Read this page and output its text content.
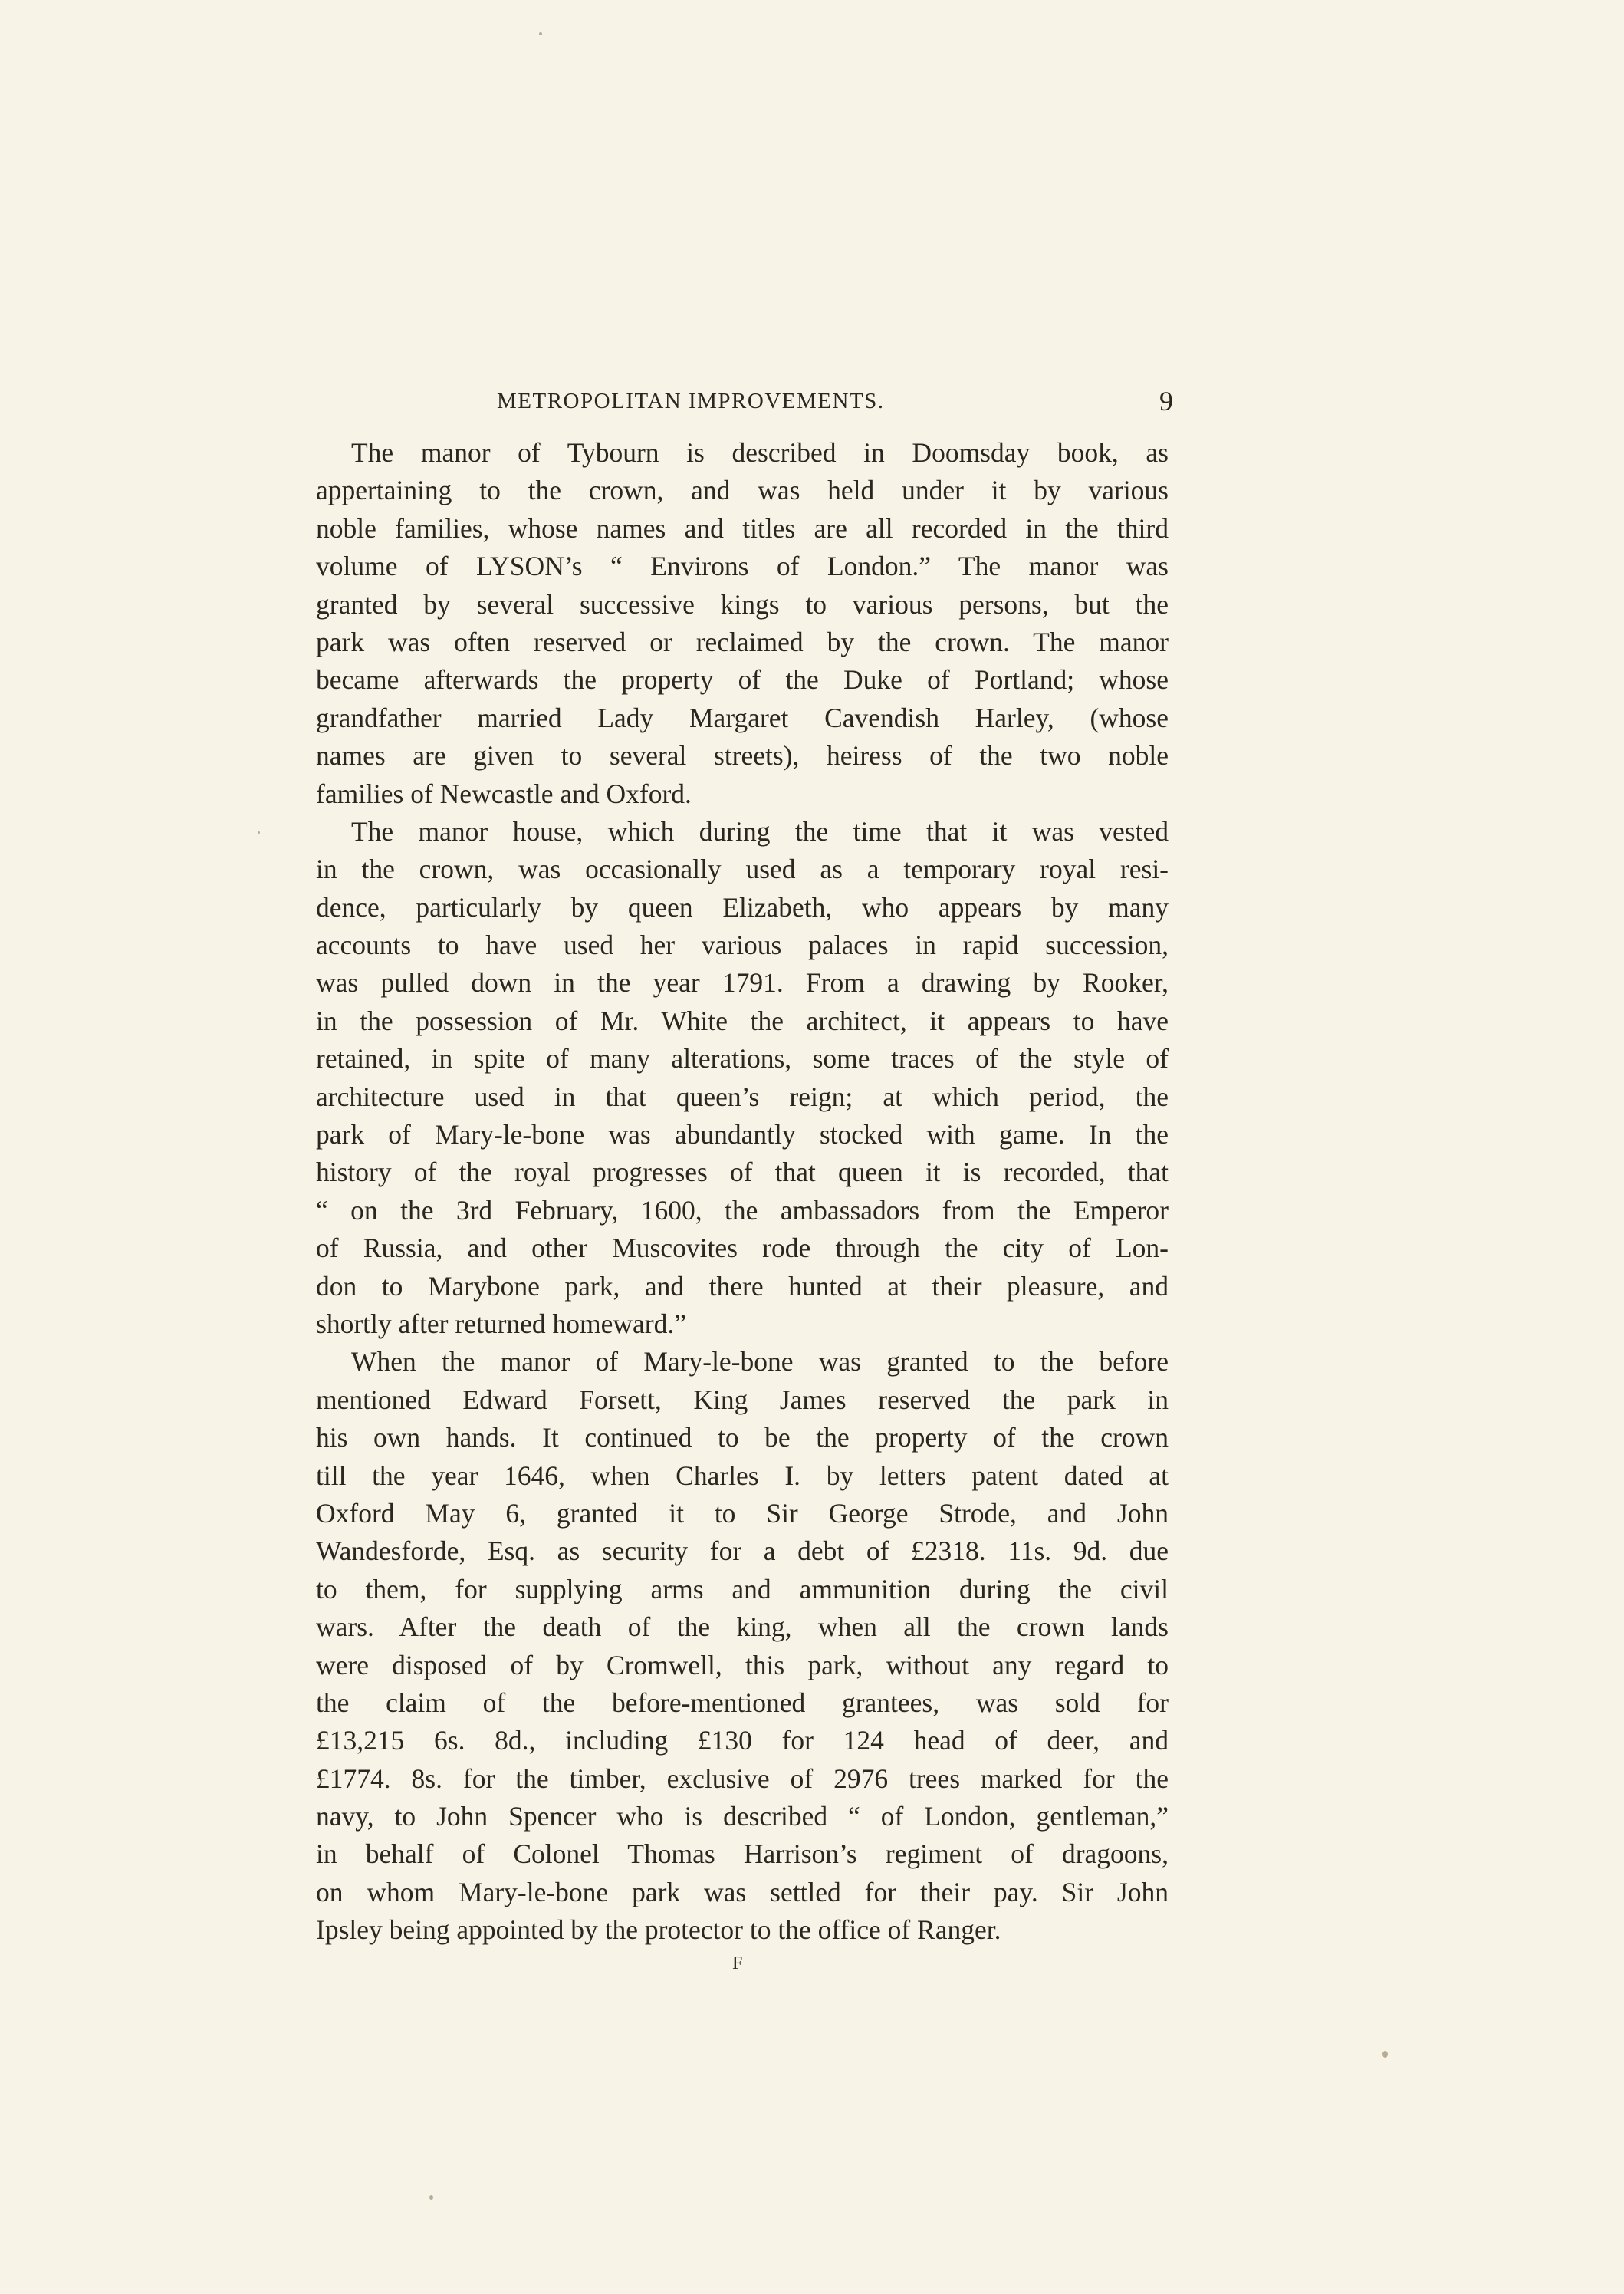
METROPOLITAN IMPROVEMENTS.	9
The manor of Tybourn is described in Doomsday book, as
appertaining to the crown, and was held under it by various
noble families, whose names and titles are all recorded in the third
volume of LYSON’s “ Environs of London.” The manor was
granted by several successive kings to various persons, but the
park was often reserved or reclaimed by the crown. The manor
became afterwards the property of the Duke of Portland; whose
grandfather married Lady Margaret Cavendish Harley, (whose
names are given to several streets), heiress of the two noble
families of Newcastle and Oxford.
The manor house, which during the time that it was vested
in the crown, was occasionally used as a temporary royal resi-
dence, particularly by queen Elizabeth, who appears by many
accounts to have used her various palaces in rapid succession,
was pulled down in the year 1791. From a drawing by Rooker,
in the possession of Mr. White the architect, it appears to have
retained, in spite of many alterations, some traces of the style of
architecture used in that queen’s reign; at which period, the
park of Mary-le-bone was abundantly stocked with game. In the
history of the royal progresses of that queen it is recorded, that
“ on the 3rd February, 1600, the ambassadors from the Emperor
of Russia, and other Muscovites rode through the city of Lon-
don to Marybone park, and there hunted at their pleasure, and
shortly after returned homeward.”
When the manor of Mary-le-bone was granted to the before
mentioned Edward Forsett, King James reserved the park in
his own hands. It continued to be the property of the crown
till the year 1646, when Charles I. by letters patent dated at
Oxford May 6, granted it to Sir George Strode, and John
Wandesforde, Esq. as security for a debt of £2318. 11s. 9d. due
to them, for supplying arms and ammunition during the civil
wars. After the death of the king, when all the crown lands
were disposed of by Cromwell, this park, without any regard to
the claim of the before-mentioned grantees, was sold for
£13,215 6s. 8d., including £130 for 124 head of deer, and
£1774. 8s. for the timber, exclusive of 2976 trees marked for the
navy, to John Spencer who is described “ of London, gentleman,”
in behalf of Colonel Thomas Harrison’s regiment of dragoons,
on whom Mary-le-bone park was settled for their pay. Sir John
Ipsley being appointed by the protector to the office of Ranger.
F
